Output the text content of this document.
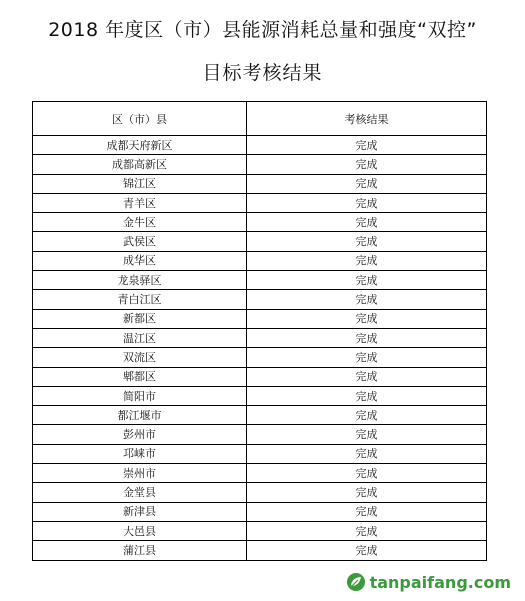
2018 年度区（市）县能源消耗总量和强度“双控”
目标考核结果
区（市）县	考核结果
成都天府新区	完成
成都高新区	完成
锦江区	完成
青羊区	完成
金牛区	完成
武侯区	完成
成华区	完成
龙泉驿区	完成
青白江区	完成
新都区	完成
温江区	完成
双流区	完成
郫都区	完成
简阳市	完成
都江堰市	完成
彭州市	完成
邛崃市	完成
崇州市	完成
金堂县	完成
新津县	完成
大邑县	完成
蒲江县	完成
tanpaifang.com
